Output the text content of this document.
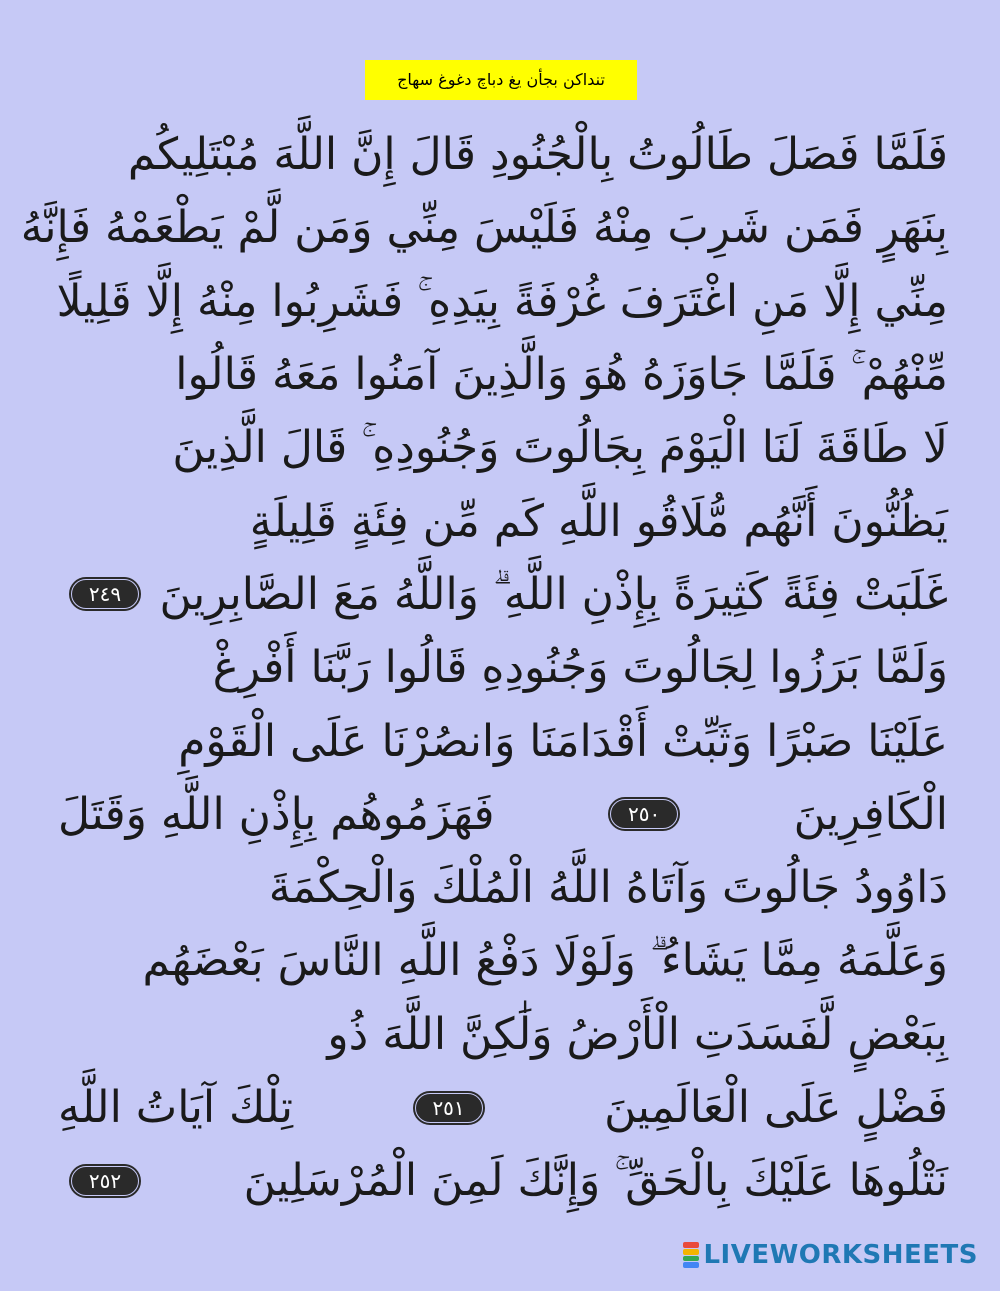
تنداكن بجأن يغ دباچ دغوغ سهاج
فَلَمَّا فَصَلَ طَالُوتُ بِالْجُنُودِ قَالَ إِنَّ اللَّهَ مُبْتَلِيكُم
بِنَهَرٍ فَمَن شَرِبَ مِنْهُ فَلَيْسَ مِنِّي وَمَن لَّمْ يَطْعَمْهُ فَإِنَّهُ
مِنِّي إِلَّا مَنِ اغْتَرَفَ غُرْفَةً بِيَدِهِ ۚ فَشَرِبُوا مِنْهُ إِلَّا قَلِيلًا
مِّنْهُمْ ۚ فَلَمَّا جَاوَزَهُ هُوَ وَالَّذِينَ آمَنُوا مَعَهُ قَالُوا
لَا طَاقَةَ لَنَا الْيَوْمَ بِجَالُوتَ وَجُنُودِهِ ۚ قَالَ الَّذِينَ
يَظُنُّونَ أَنَّهُم مُّلَاقُو اللَّهِ كَم مِّن فِئَةٍ قَلِيلَةٍ
غَلَبَتْ فِئَةً كَثِيرَةً بِإِذْنِ اللَّهِ ۗ وَاللَّهُ مَعَ الصَّابِرِينَ
٢٤٩
وَلَمَّا بَرَزُوا لِجَالُوتَ وَجُنُودِهِ قَالُوا رَبَّنَا أَفْرِغْ
عَلَيْنَا صَبْرًا وَثَبِّتْ أَقْدَامَنَا وَانصُرْنَا عَلَى الْقَوْمِ
الْكَافِرِينَ
٢٥٠
فَهَزَمُوهُم بِإِذْنِ اللَّهِ وَقَتَلَ
دَاوُودُ جَالُوتَ وَآتَاهُ اللَّهُ الْمُلْكَ وَالْحِكْمَةَ
وَعَلَّمَهُ مِمَّا يَشَاءُ ۗ وَلَوْلَا دَفْعُ اللَّهِ النَّاسَ بَعْضَهُم
بِبَعْضٍ لَّفَسَدَتِ الْأَرْضُ وَلَٰكِنَّ اللَّهَ ذُو
فَضْلٍ عَلَى الْعَالَمِينَ
٢٥١
تِلْكَ آيَاتُ اللَّهِ
نَتْلُوهَا عَلَيْكَ بِالْحَقِّ ۚ وَإِنَّكَ لَمِنَ الْمُرْسَلِينَ
٢٥٢
LIVEWORKSHEETS
